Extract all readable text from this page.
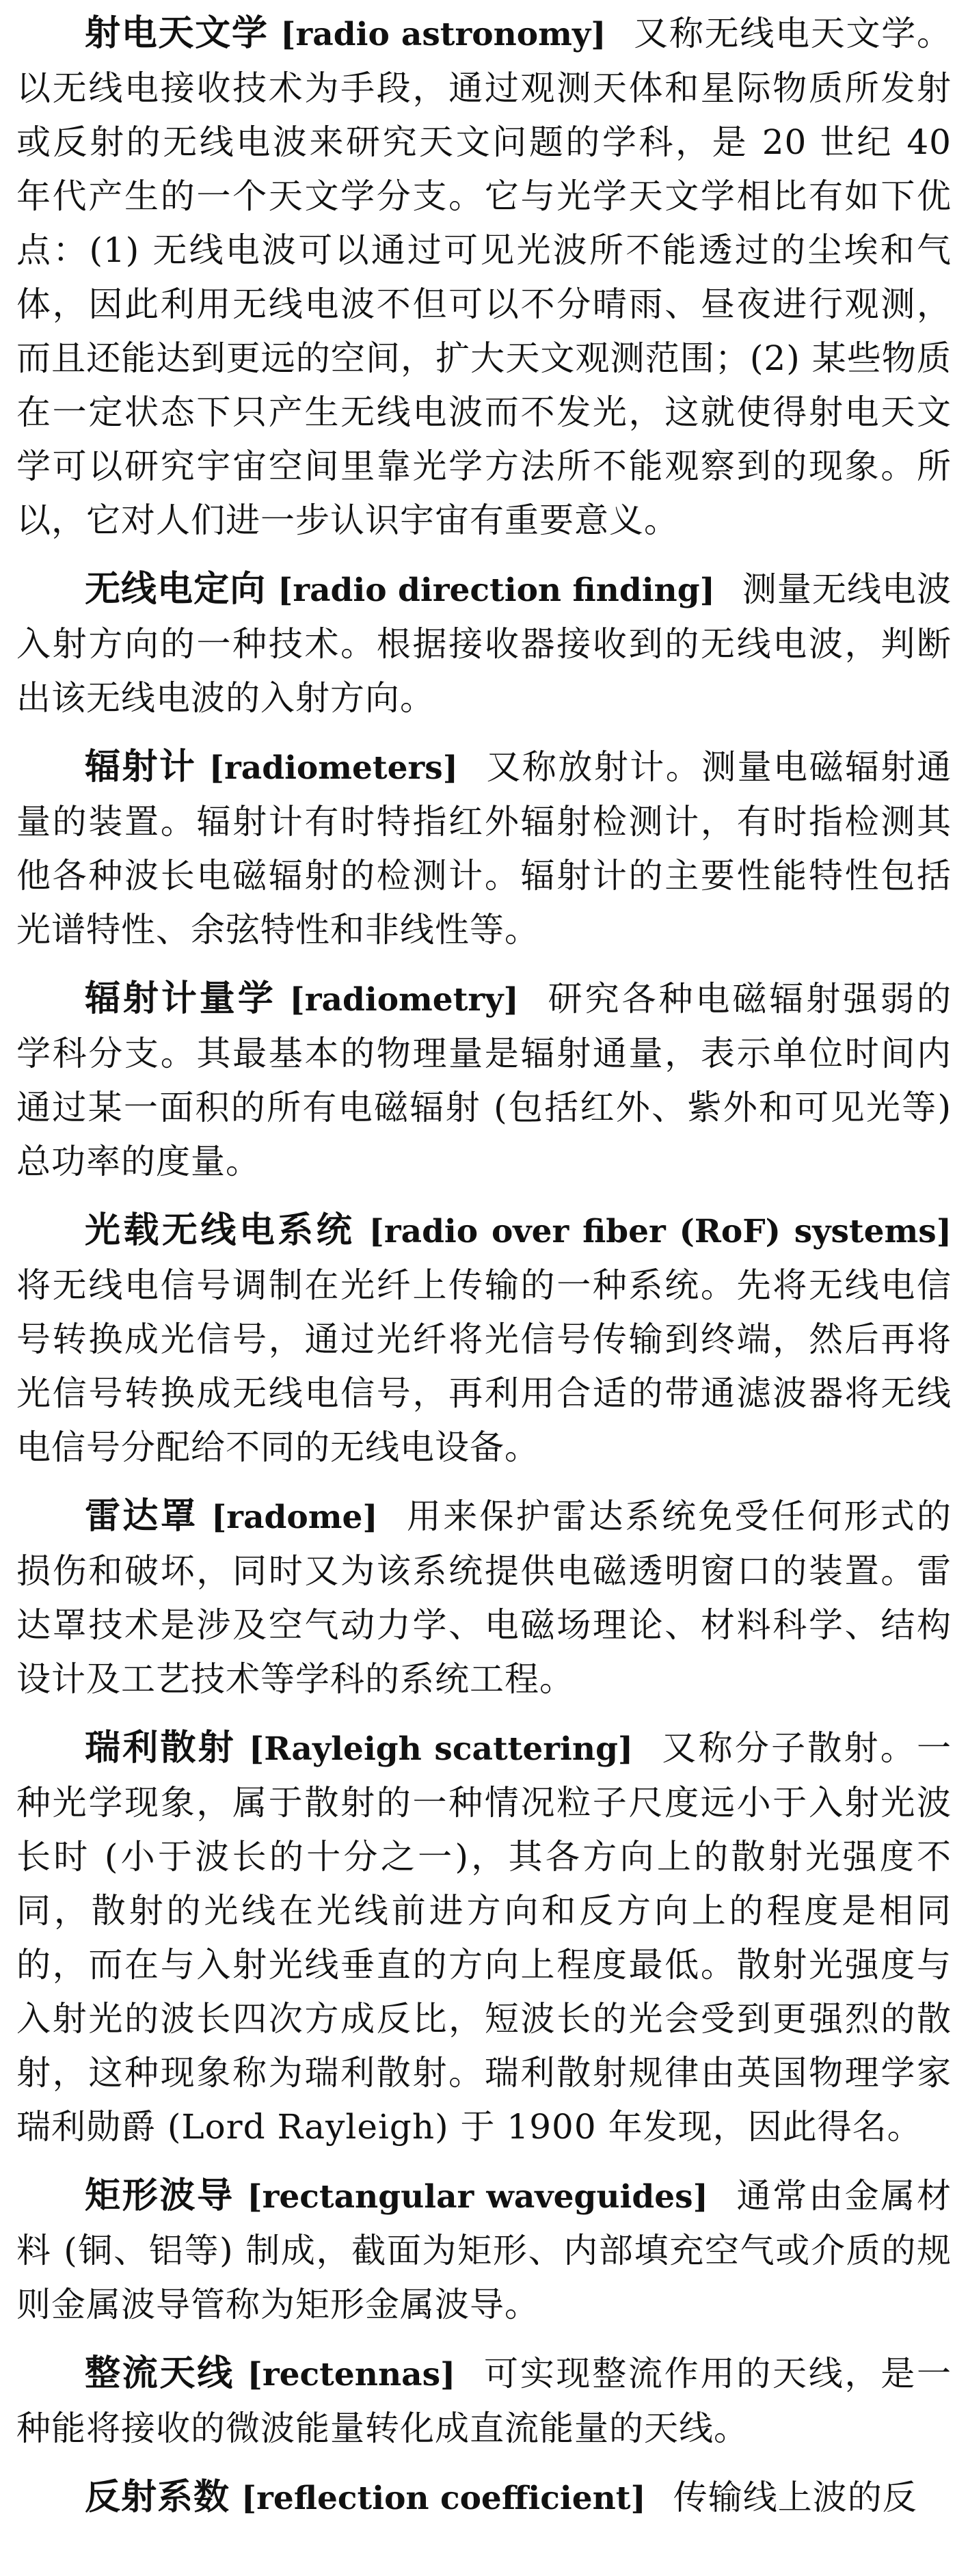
射电天文学 [radio astronomy] 又称无线电天文学。以无线电接收技术为手段，通过观测天体和星际物质所发射或反射的无线电波来研究天文问题的学科，是 20 世纪 40 年代产生的一个天文学分支。它与光学天文学相比有如下优点：(1) 无线电波可以通过可见光波所不能透过的尘埃和气体，因此利用无线电波不但可以不分晴雨、昼夜进行观测，而且还能达到更远的空间，扩大天文观测范围；(2) 某些物质在一定状态下只产生无线电波而不发光，这就使得射电天文学可以研究宇宙空间里靠光学方法所不能观察到的现象。所以，它对人们进一步认识宇宙有重要意义。

无线电定向 [radio direction finding] 测量无线电波入射方向的一种技术。根据接收器接收到的无线电波，判断出该无线电波的入射方向。

辐射计 [radiometers] 又称放射计。测量电磁辐射通量的装置。辐射计有时特指红外辐射检测计，有时指检测其他各种波长电磁辐射的检测计。辐射计的主要性能特性包括光谱特性、余弦特性和非线性等。

辐射计量学 [radiometry] 研究各种电磁辐射强弱的学科分支。其最基本的物理量是辐射通量，表示单位时间内通过某一面积的所有电磁辐射 (包括红外、紫外和可见光等) 总功率的度量。

光载无线电系统 [radio over fiber (RoF) systems] 将无线电信号调制在光纤上传输的一种系统。先将无线电信号转换成光信号，通过光纤将光信号传输到终端，然后再将光信号转换成无线电信号，再利用合适的带通滤波器将无线电信号分配给不同的无线电设备。

雷达罩 [radome] 用来保护雷达系统免受任何形式的损伤和破坏，同时又为该系统提供电磁透明窗口的装置。雷达罩技术是涉及空气动力学、电磁场理论、材料科学、结构设计及工艺技术等学科的系统工程。

瑞利散射 [Rayleigh scattering] 又称分子散射。一种光学现象，属于散射的一种情况粒子尺度远小于入射光波长时 (小于波长的十分之一)，其各方向上的散射光强度不同，散射的光线在光线前进方向和反方向上的程度是相同的，而在与入射光线垂直的方向上程度最低。散射光强度与入射光的波长四次方成反比，短波长的光会受到更强烈的散射，这种现象称为瑞利散射。瑞利散射规律由英国物理学家瑞利勋爵 (Lord Rayleigh) 于 1900 年发现，因此得名。

矩形波导 [rectangular waveguides] 通常由金属材料 (铜、铝等) 制成，截面为矩形、内部填充空气或介质的规则金属波导管称为矩形金属波导。

整流天线 [rectennas] 可实现整流作用的天线，是一种能将接收的微波能量转化成直流能量的天线。

反射系数 [reflection coefficient] 传输线上波的反
